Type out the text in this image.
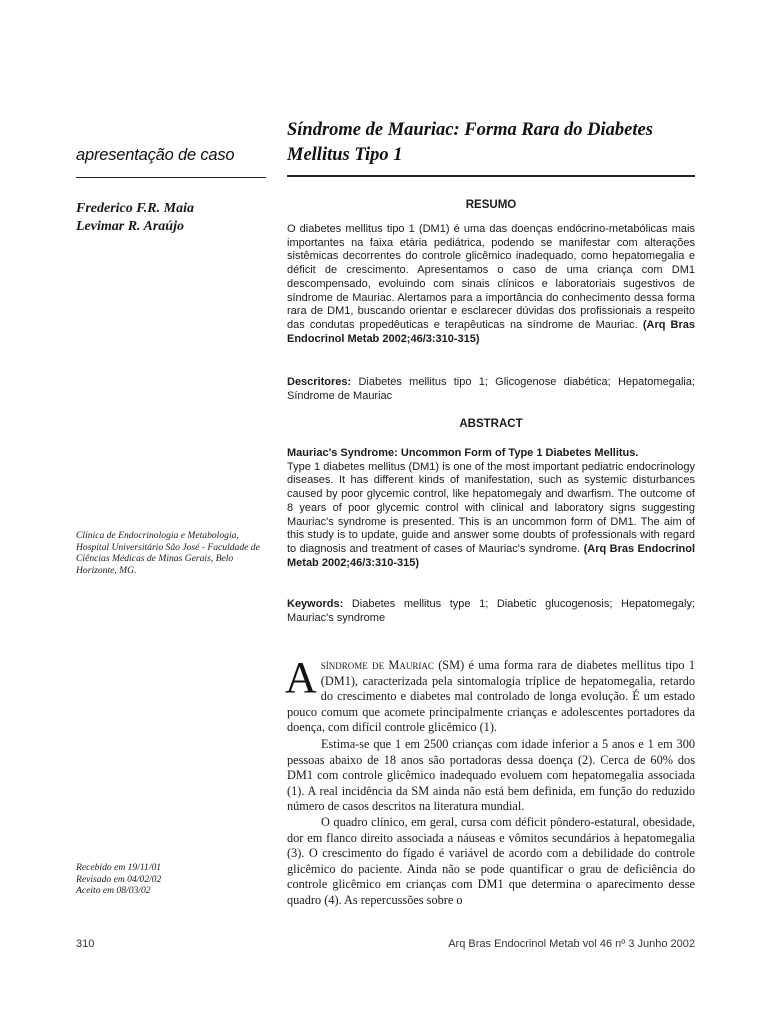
apresentação de caso
Frederico F.R. Maia
Levimar R. Araújo
Clínica de Endocrinologia e Metabologia, Hospital Universitário São José - Faculdade de Ciências Médicas de Minas Gerais, Belo Horizonte, MG.
Recebido em 19/11/01
Revisado em 04/02/02
Aceito em 08/03/02
Síndrome de Mauriac: Forma Rara do Diabetes Mellitus Tipo 1
RESUMO
O diabetes mellitus tipo 1 (DM1) é uma das doenças endócrino-metabólicas mais importantes na faixa etária pediátrica, podendo se manifestar com alterações sistêmicas decorrentes do controle glicêmico inadequado, como hepatomegalia e déficit de crescimento. Apresentamos o caso de uma criança com DM1 descompensado, evoluindo com sinais clínicos e laboratoriais sugestivos de síndrome de Mauriac. Alertamos para a importância do conhecimento dessa forma rara de DM1, buscando orientar e esclarecer dúvidas dos profissionais a respeito das condutas propedêuticas e terapêuticas na síndrome de Mauriac. (Arq Bras Endocrinol Metab 2002;46/3:310-315)
Descritores: Diabetes mellitus tipo 1; Glicogenose diabética; Hepatomegalia; Síndrome de Mauriac
ABSTRACT
Mauriac's Syndrome: Uncommon Form of Type 1 Diabetes Mellitus.
Type 1 diabetes mellitus (DM1) is one of the most important pediatric endocrinology diseases. It has different kinds of manifestation, such as systemic disturbances caused by poor glycemic control, like hepatomegaly and dwarfism. The outcome of 8 years of poor glycemic control with clinical and laboratory signs suggesting Mauriac's syndrome is presented. This is an uncommon form of DM1. The aim of this study is to update, guide and answer some doubts of professionals with regard to diagnosis and treatment of cases of Mauriac's syndrome. (Arq Bras Endocrinol Metab 2002;46/3:310-315)
Keywords: Diabetes mellitus type 1; Diabetic glucogenosis; Hepatomegaly; Mauriac's syndrome
Asíndrome de Mauriac (SM) é uma forma rara de diabetes mellitus tipo 1 (DM1), caracterizada pela sintomalogia tríplice de hepatomegalia, retardo do crescimento e diabetes mal controlado de longa evolução. É um estado pouco comum que acomete principalmente crianças e adolescentes portadores da doença, com difícil controle glicêmico (1).
Estima-se que 1 em 2500 crianças com idade inferior a 5 anos e 1 em 300 pessoas abaixo de 18 anos são portadoras dessa doença (2). Cerca de 60% dos DM1 com controle glicêmico inadequado evoluem com hepatomegalia associada (1). A real incidência da SM ainda não está bem definida, em função do reduzido número de casos descritos na literatura mundial.
O quadro clínico, em geral, cursa com déficit pôndero-estatural, obesidade, dor em flanco direito associada a náuseas e vômitos secundários à hepatomegalia (3). O crescimento do fígado é variável de acordo com a debilidade do controle glicêmico do paciente. Ainda não se pode quantificar o grau de deficiência do controle glicêmico em crianças com DM1 que determina o aparecimento desse quadro (4). As repercussões sobre o
310	Arq Bras Endocrinol Metab vol 46 nº 3 Junho 2002
